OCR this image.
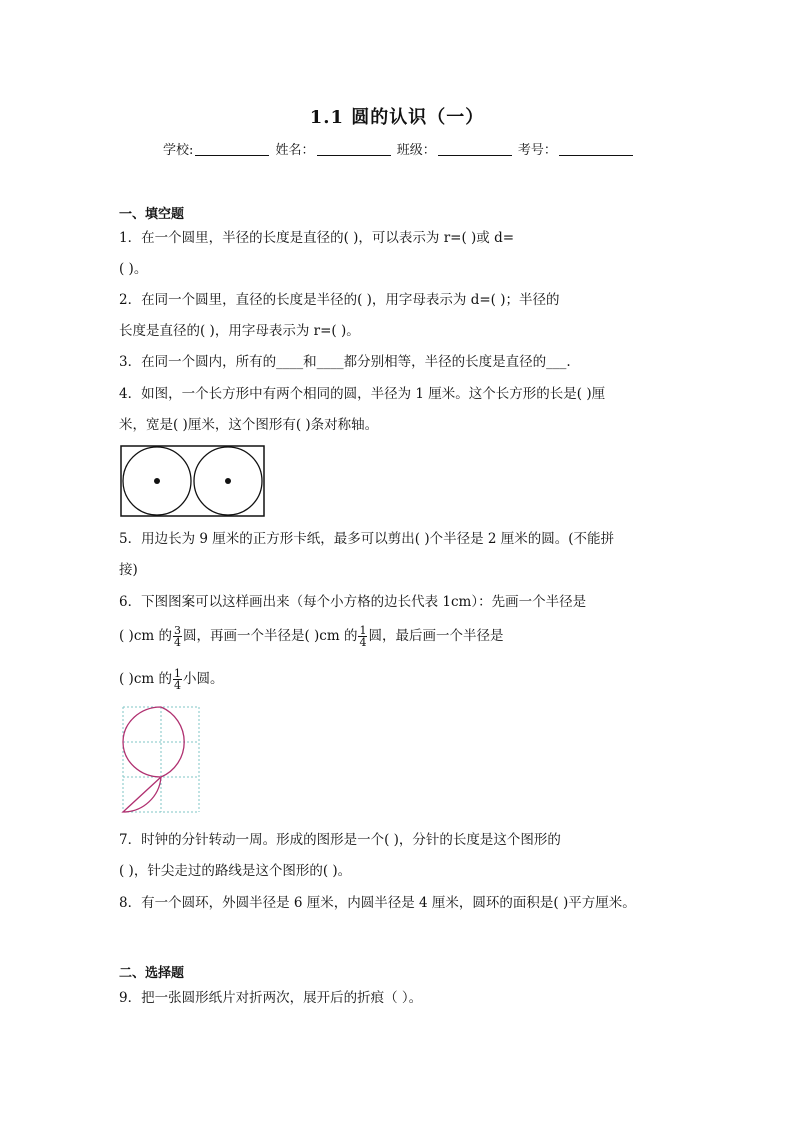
1.1 圆的认识（一）
学校:	姓名：	班级：	考号：
一、填空题
1．在一个圆里，半径的长度是直径的( )，可以表示为 r=( )或 d=
( )。
2．在同一个圆里，直径的长度是半径的( )，用字母表示为 d=( )；半径的
长度是直径的( )，用字母表示为 r=( )。
3．在同一个圆内，所有的____和____都分别相等，半径的长度是直径的___.
4．如图，一个长方形中有两个相同的圆，半径为 1 厘米。这个长方形的长是( )厘
米，宽是( )厘米，这个图形有( )条对称轴。
5．用边长为 9 厘米的正方形卡纸，最多可以剪出( )个半径是 2 厘米的圆。(不能拼
接)
6．下图图案可以这样画出来（每个小方格的边长代表 1cm）：先画一个半径是
( )cm 的 $\frac{3}{4}$ 圆，再画一个半径是( )cm 的 $\frac{1}{4}$ 圆，最后画一个半径是
( )cm 的 $\frac{1}{4}$ 小圆。
7．时钟的分针转动一周。形成的图形是一个( )，分针的长度是这个图形的
( )，针尖走过的路线是这个图形的( )。
8．有一个圆环，外圆半径是 6 厘米，内圆半径是 4 厘米，圆环的面积是( )平方厘米。
二、选择题
9．把一张圆形纸片对折两次，展开后的折痕（ ）。
